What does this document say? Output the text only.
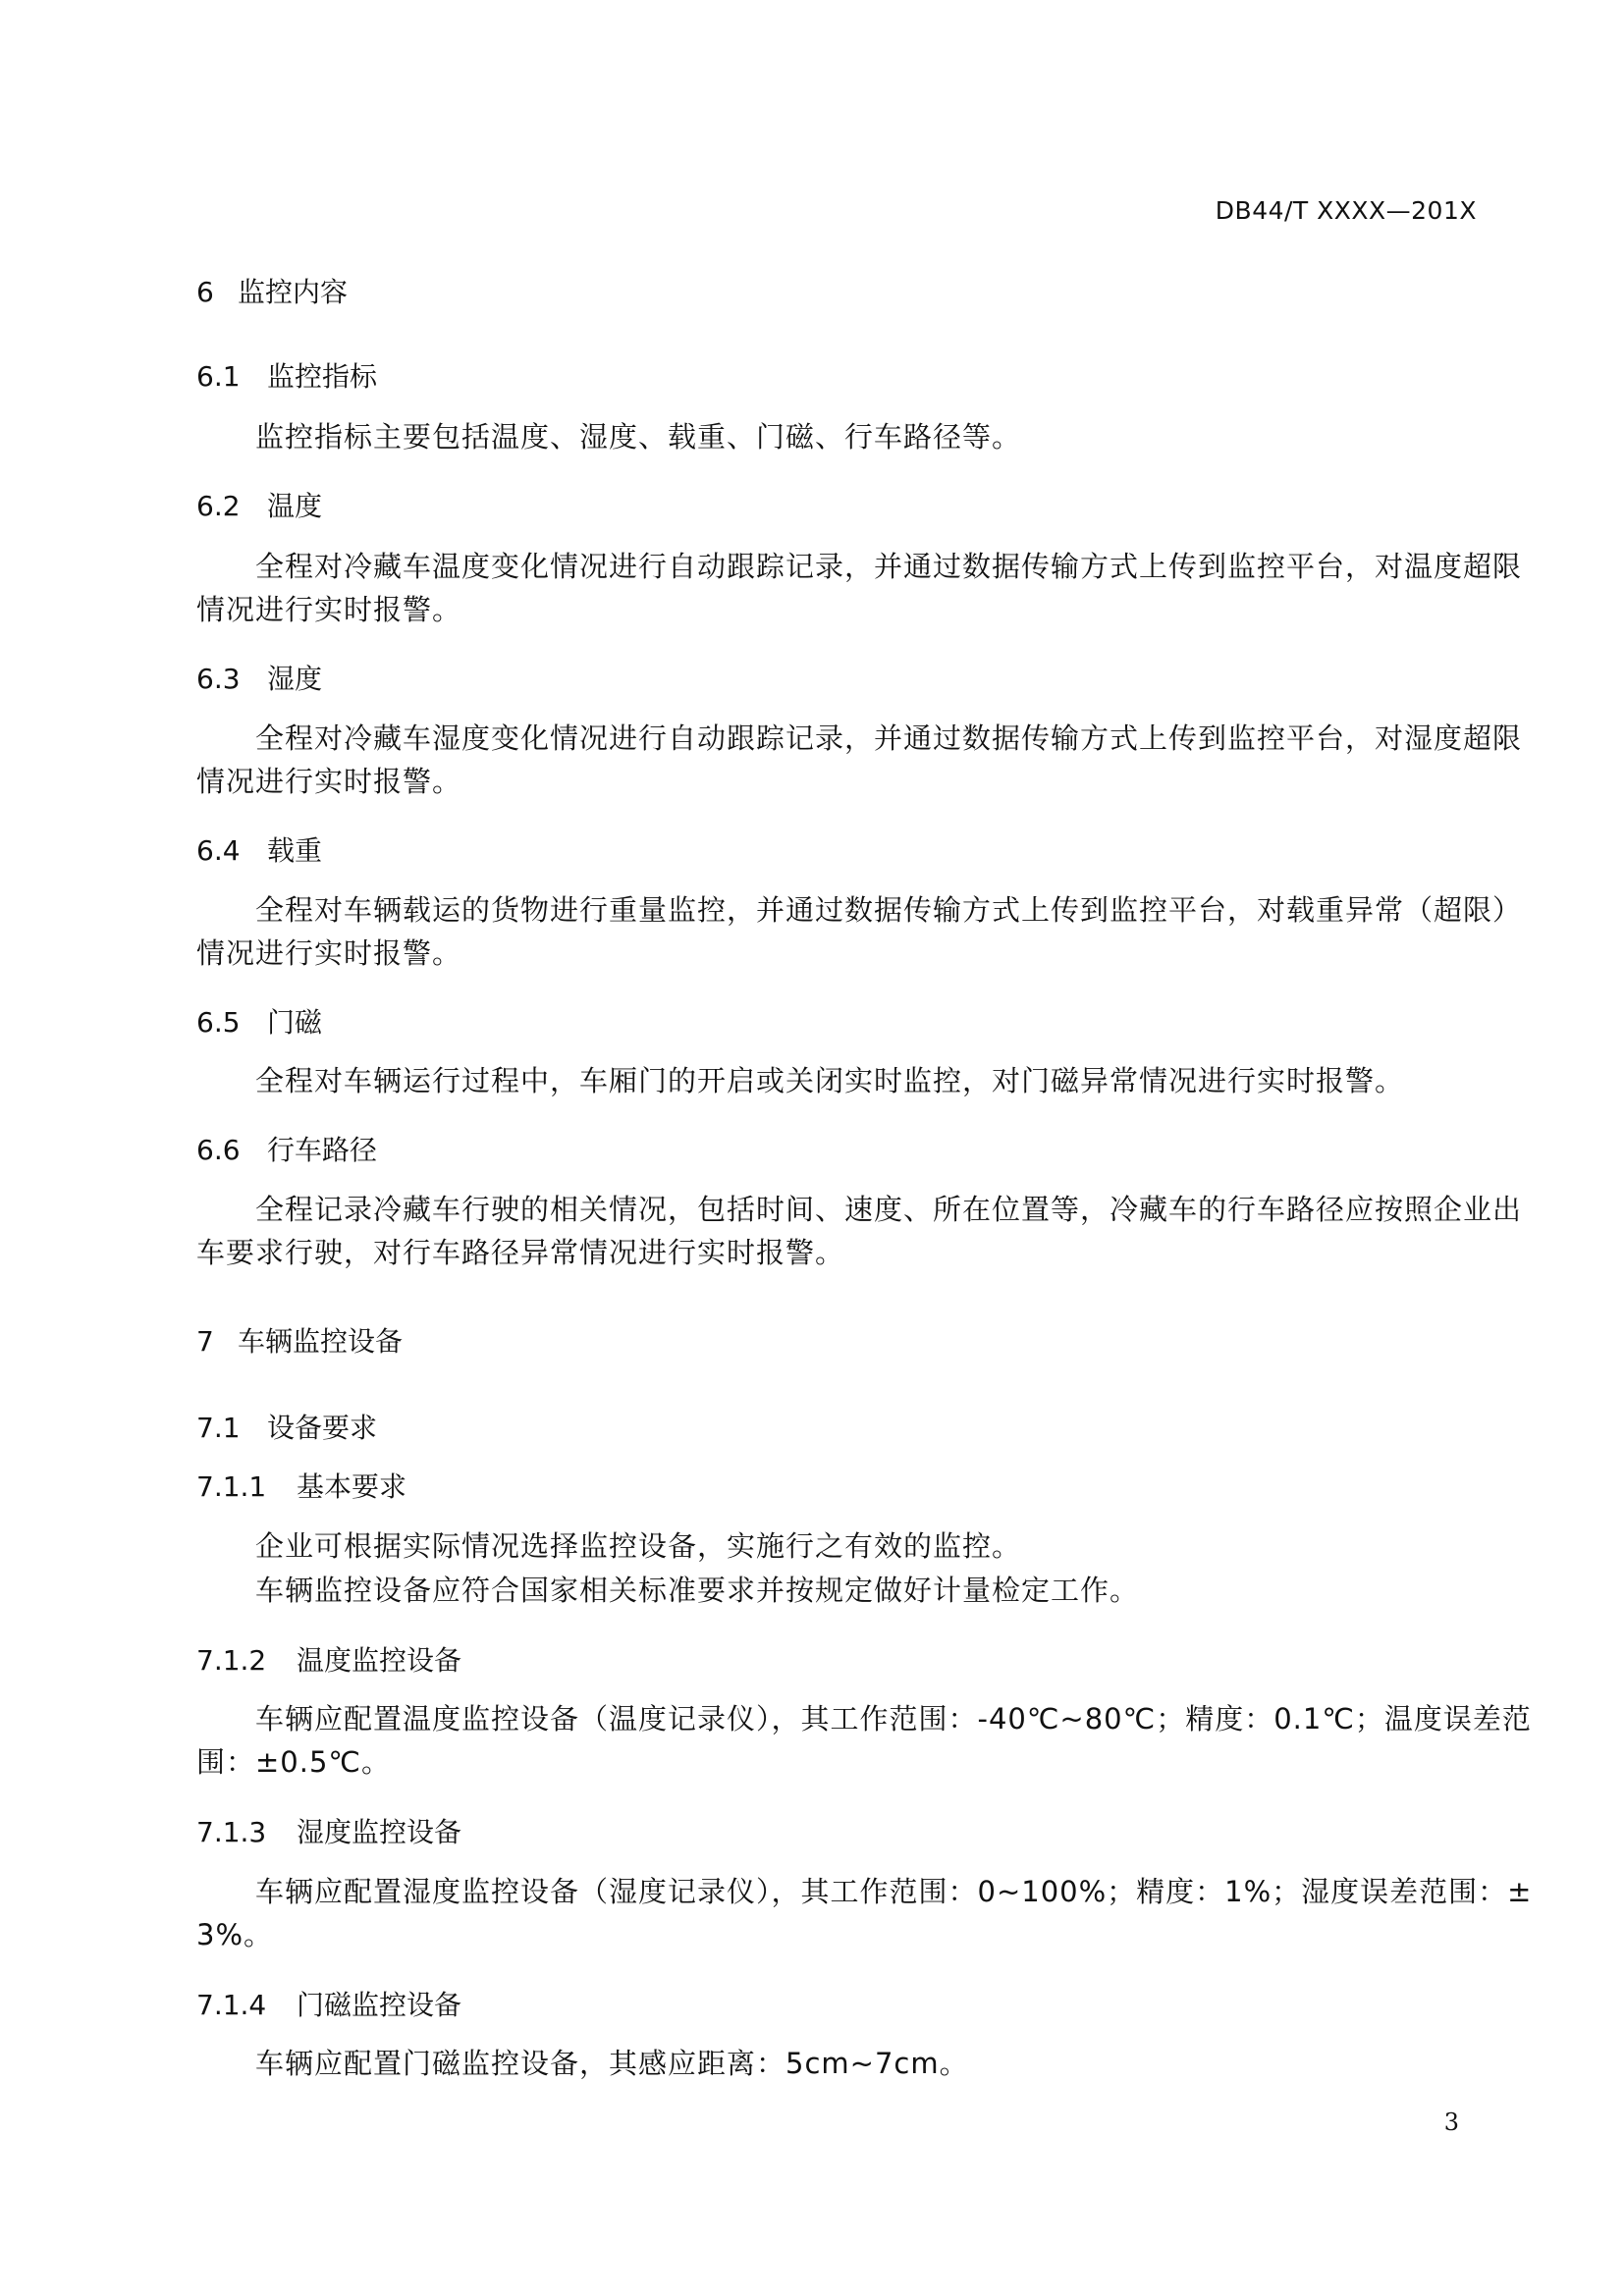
DB44/T XXXX—201X
6 监控内容
6.1 监控指标
监控指标主要包括温度、湿度、载重、门磁、行车路径等。
6.2 温度
全程对冷藏车温度变化情况进行自动跟踪记录，并通过数据传输方式上传到监控平台，对温度超限
情况进行实时报警。
6.3 湿度
全程对冷藏车湿度变化情况进行自动跟踪记录，并通过数据传输方式上传到监控平台，对湿度超限
情况进行实时报警。
6.4 载重
全程对车辆载运的货物进行重量监控，并通过数据传输方式上传到监控平台，对载重异常（超限）
情况进行实时报警。
6.5 门磁
全程对车辆运行过程中，车厢门的开启或关闭实时监控，对门磁异常情况进行实时报警。
6.6 行车路径
全程记录冷藏车行驶的相关情况，包括时间、速度、所在位置等，冷藏车的行车路径应按照企业出
车要求行驶，对行车路径异常情况进行实时报警。
7 车辆监控设备
7.1 设备要求
7.1.1 基本要求
企业可根据实际情况选择监控设备，实施行之有效的监控。
车辆监控设备应符合国家相关标准要求并按规定做好计量检定工作。
7.1.2 温度监控设备
车辆应配置温度监控设备（温度记录仪），其工作范围：-40℃~80℃；精度：0.1℃；温度误差范
围：±0.5℃。
7.1.3 湿度监控设备
车辆应配置湿度监控设备（湿度记录仪），其工作范围：0~100%；精度：1%；湿度误差范围：±
3%。
7.1.4 门磁监控设备
车辆应配置门磁监控设备，其感应距离：5cm~7cm。
3
